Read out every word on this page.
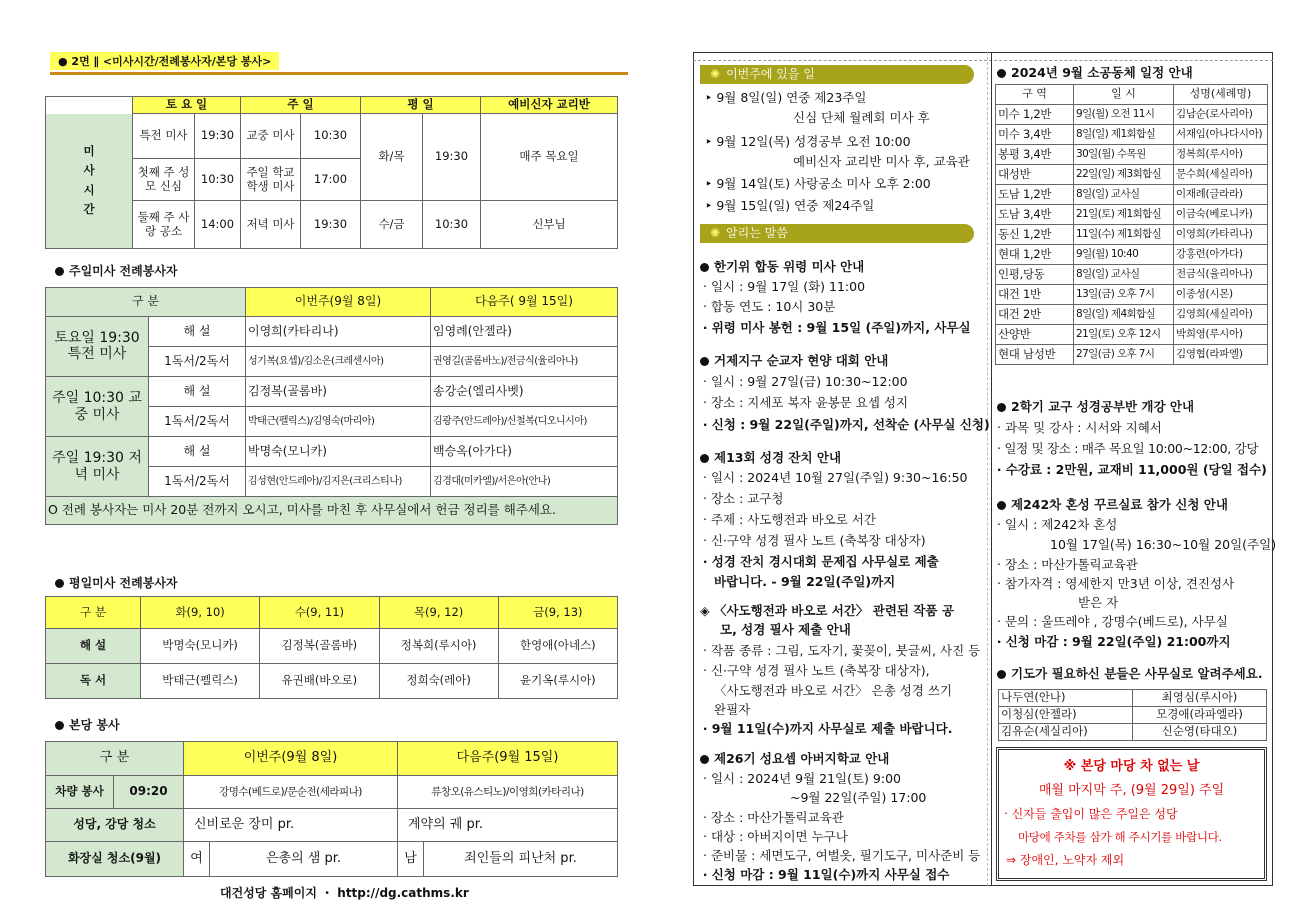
● 2면 ∥ <미사시간/전례봉사자/본당 봉사>
	토 요 일		주 일		평 일		예비신자 교리반
미
사
시
간	특전 미사	19:30	교중 미사	10:30	화/목	19:30	매주 목요일
	첫째 주 성모 신심	10:30	주일 학교 학생 미사	17:00			
	둘째 주 사랑 공소	14:00	저녁 미사	19:30	수/금	10:30	신부님
주일미사 전례봉사자
구 분		이번주(9월 8일)	다음주( 9월 15일)
토요일 19:30 특전 미사	해 설	이영희(카타리나)	임영례(안젤라)
	1독서/2독서	성기복(요셉)/김소은(크레센시아)	권영길(골롬바노)/전금식(율리아나)
주일 10:30 교중 미사	해 설	김정복(골롬바)	송강순(엘리사벳)
	1독서/2독서	박태근(펠릭스)/김영숙(마리아)	김광주(안드레아)/신철복(디오니시아)
주일 19:30 저녁 미사	해 설	박명숙(모니카)	백승옥(아가다)
	1독서/2독서	김성현(안드레아)/김지은(크리스티나)	김경대(미카엘)/서은아(안나)
O 전례 봉사자는 미사 20분 전까지 오시고, 미사를 마친 후 사무실에서 헌금 정리를 해주세요.			
평일미사 전례봉사자
구 분	화(9, 10)	수(9, 11)	목(9, 12)	금(9, 13)
해 설	박명숙(모니카)	김정복(골롬바)	정복희(루시아)	한영애(아네스)
독 서	박태근(펠릭스)	유권배(바오로)	정희숙(레아)	윤기옥(루시아)
본당 봉사
구 분		이번주(9월 8일)		다음주(9월 15일)	
차량 봉사	09:20	강명수(베드로)/문순전(세라피나)		류창오(유스티노)/이영희(카타리나)	
성당, 강당 청소		신비로운 장미 pr.		계약의 궤 pr.	
화장실 청소(9월)		여	은총의 샘 pr.	남	죄인들의 피난처 pr.
대건성당 홈페이지 ・ http://dg.cathms.kr
✺ 이번주에 있을 일
‣ 9월 8일(일) 연중 제23주일
신심 단체 월례회 미사 후
‣ 9월 12일(목) 성경공부 오전 10:00
예비신자 교리반 미사 후, 교육관
‣ 9월 14일(토) 사랑공소 미사 오후 2:00
‣ 9월 15일(일) 연중 제24주일
✺ 알리는 말씀
한기위 합동 위령 미사 안내
‧ 일시 : 9월 17일 (화) 11:00
‧ 합동 연도 : 10시 30분
‧ 위령 미사 봉헌 : 9월 15일 (주일)까지, 사무실
거제지구 순교자 현양 대회 안내
‧ 일시 : 9월 27일(금) 10:30~12:00
‧ 장소 : 지세포 복자 윤봉문 요셉 성지
‧ 신청 : 9월 22일(주일)까지, 선착순 (사무실 신청)
제13회 성경 잔치 안내
‧ 일시 : 2024년 10월 27일(주일) 9:30~16:50
‧ 장소 : 교구청
‧ 주제 : 사도행전과 바오로 서간
‧ 신·구약 성경 필사 노트 (축복장 대상자)
‧ 성경 잔치 경시대회 문제집 사무실로 제출
바랍니다. - 9월 22일(주일)까지
◈ 〈사도행전과 바오로 서간〉 관련된 작품 공
모, 성경 필사 제출 안내
‧ 작품 종류 : 그림, 도자기, 꽃꽂이, 붓글씨, 사진 등
‧ 신·구약 성경 필사 노트 (축복장 대상자),
〈사도행전과 바오로 서간〉 은총 성경 쓰기
완필자
‧ 9월 11일(수)까지 사무실로 제출 바랍니다.
제26기 성요셉 아버지학교 안내
‧ 일시 : 2024년 9월 21일(토) 9:00
~9월 22일(주일) 17:00
‧ 장소 : 마산가톨릭교육관
‧ 대상 : 아버지이면 누구나
‧ 준비물 : 세면도구, 여벌옷, 필기도구, 미사준비 등
‧ 신청 마감 : 9월 11일(수)까지 사무실 접수
2024년 9월 소공동체 일정 안내
구 역	일 시	성명(세례명)
미수 1,2반	9일(월) 오전 11시	김남순(로사리아)
미수 3,4반	8일(일) 제1회합실	서재임(아나다시아)
봉평 3,4반	30일(월) 수목원	정복희(루시아)
대성반	22일(일) 제3회합실	문수희(세실리아)
도남 1,2반	8일(일) 교사실	이재례(글라라)
도남 3,4반	21일(토) 제1회합실	이금숙(베로니카)
동신 1,2반	11일(수) 제1회합실	이영희(카타리나)
현대 1,2반	9일(월) 10:40	강홍련(아가다)
인평,당동	8일(일) 교사실	전금식(율리아나)
대건 1반	13일(금) 오후 7시	이종성(시몬)
대건 2반	8일(일) 제4회합실	김영희(세실리아)
산양반	21일(토) 오후 12시	박희영(루시아)
현대 남성반	27일(금) 오후 7시	김영협(라파엘)
2학기 교구 성경공부반 개강 안내
‧ 과목 및 강사 : 시서와 지혜서
‧ 일정 및 장소 : 매주 목요일 10:00~12:00, 강당
‧ 수강료 : 2만원, 교재비 11,000원 (당일 접수)
제242차 혼성 꾸르실료 참가 신청 안내
‧ 일시 : 제242차 혼성
10월 17일(목) 16:30~10월 20일(주일)
‧ 장소 : 마산가톨릭교육관
‧ 참가자격 : 영세한지 만3년 이상, 견진성사
받은 자
‧ 문의 : 울뜨레야 , 강명수(베드로), 사무실
‧ 신청 마감 : 9월 22일(주일) 21:00까지
기도가 필요하신 분들은 사무실로 알려주세요.
나두연(안나)	최영심(루시아)
이청심(안젤라)	모경애(라파엘라)
김유순(세실리아)	신순영(타대오)
※ 본당 마당 차 없는 날
매월 마지막 주, (9월 29일) 주일
‧ 신자들 출입이 많은 주일은 성당
마당에 주차를 삼가 해 주시기를 바랍니다.
⇒ 장애인, 노약자 제외
